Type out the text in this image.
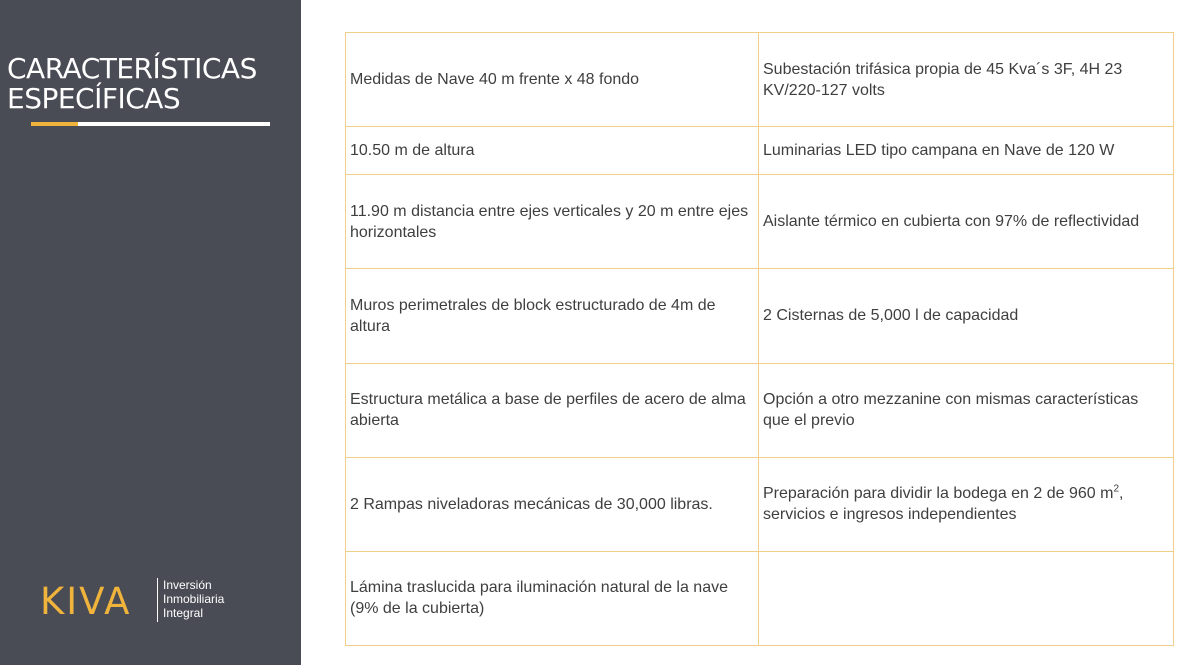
CARACTERÍSTICAS
ESPECÍFICAS
KIVA	Inversión
Inmobiliaria
Integral
Medidas de Nave 40 m frente x 48 fondo	Subestación trifásica propia de 45 Kva´s 3F, 4H 23 KV/220-127 volts
10.50 m de altura	Luminarias LED tipo campana en Nave de 120 W
11.90 m distancia entre ejes verticales y 20 m entre ejes horizontales	Aislante térmico en cubierta con 97% de reflectividad
Muros perimetrales de block estructurado de 4m de altura	2 Cisternas de 5,000 l de capacidad
Estructura metálica a base de perfiles de acero de alma abierta	Opción a otro mezzanine con mismas características que el previo
2 Rampas niveladoras mecánicas de 30,000 libras.	Preparación para dividir la bodega en 2 de 960 $m^2$, servicios e ingresos independientes
Lámina traslucida para iluminación natural de la nave (9% de la cubierta)	
